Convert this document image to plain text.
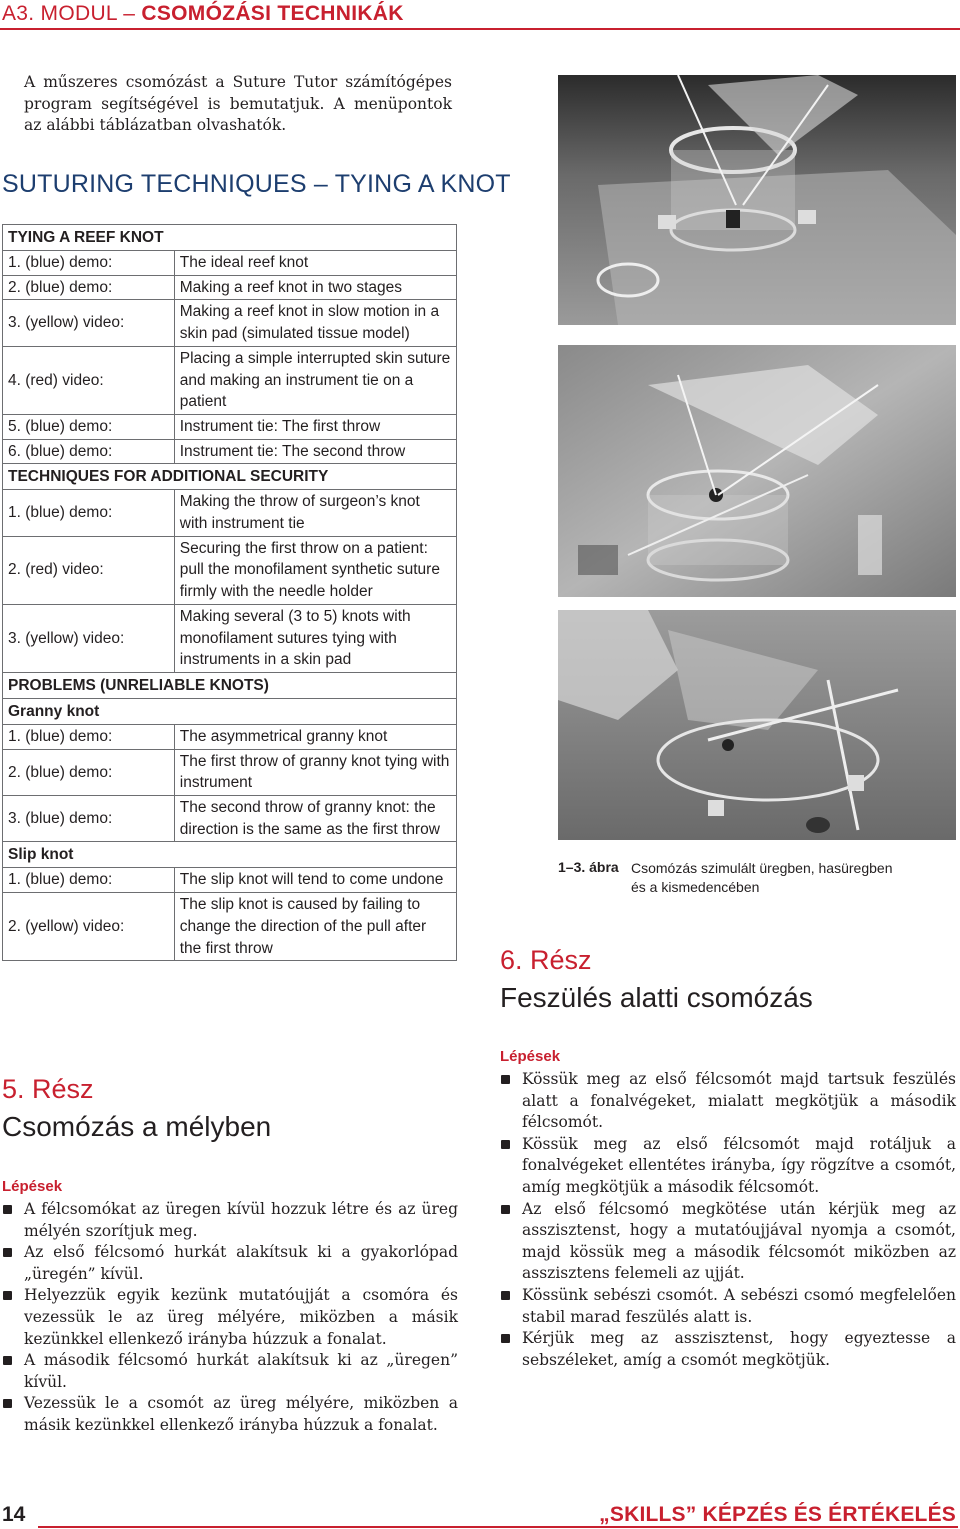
A3. MODUL – CSOMÓZÁSI TECHNIKÁK
A műszeres csomózást a Suture Tutor számítógépes program segítségével is bemutatjuk. A menüpontok az alábbi táblázatban olvashatók.
SUTURING TECHNIQUES – TYING A KNOT
TYING A REEF KNOT	
1. (blue) demo:	The ideal reef knot
2. (blue) demo:	Making a reef knot in two stages
3. (yellow) video:	Making a reef knot in slow motion in a skin pad (simulated tissue model)
4. (red) video:	Placing a simple interrupted skin suture and making an instrument tie on a patient
5. (blue) demo:	Instrument tie: The first throw
6. (blue) demo:	Instrument tie: The second throw
TECHNIQUES FOR ADDITIONAL SECURITY	
1. (blue) demo:	Making the throw of surgeon’s knot with instrument tie
2. (red) video:	Securing the first throw on a patient: pull the monofilament synthetic suture firmly with the needle holder
3. (yellow) video:	Making several (3 to 5) knots with monofilament sutures tying with instruments in a skin pad
PROBLEMS (UNRELIABLE KNOTS)	
Granny knot	
1. (blue) demo:	The asymmetrical granny knot
2. (blue) demo:	The first throw of granny knot tying with instrument
3. (blue) demo:	The second throw of granny knot: the direction is the same as the first throw
Slip knot	
1. (blue) demo:	The slip knot will tend to come undone
2. (yellow) video:	The slip knot is caused by failing to change the direction of the pull after the first throw
5. Rész
Csomózás a mélyben
Lépések
A félcsomókat az üregen kívül hozzuk létre és az üreg mélyén szorítjuk meg.
Az első félcsomó hurkát alakítsuk ki a gyakorlópad „üregén” kívül.
Helyezzük egyik kezünk mutatóujját a csomóra és vezessük le az üreg mélyére, miközben a másik kezünkkel ellenkező irányba húzzuk a fonalat.
A második félcsomó hurkát alakítsuk ki az „üregen” kívül.
Vezessük le a csomót az üreg mélyére, miközben a másik kezünkkel ellenkező irányba húzzuk a fonalat.
1–3. ábra Csomózás szimulált üregben, hasüregben és a kismedencében
6. Rész
Feszülés alatti csomózás
Lépések
Kössük meg az első félcsomót majd tartsuk feszülés alatt a fonalvégeket, mialatt megkötjük a második félcsomót.
Kössük meg az első félcsomót majd rotáljuk a fonalvégeket ellentétes irányba, így rögzítve a csomót, amíg megkötjük a második félcsomót.
Az első félcsomó megkötése után kérjük meg az asszisztenst, hogy a mutatóujjával nyomja a csomót, majd kössük meg a második félcsomót miközben az asszisztens felemeli az ujját.
Kössünk sebészi csomót. A sebészi csomó megfelelően stabil marad feszülés alatt is.
Kérjük meg az asszisztenst, hogy egyeztesse a sebszéleket, amíg a csomót megkötjük.
14	„SKILLS” KÉPZÉS ÉS ÉRTÉKELÉS
